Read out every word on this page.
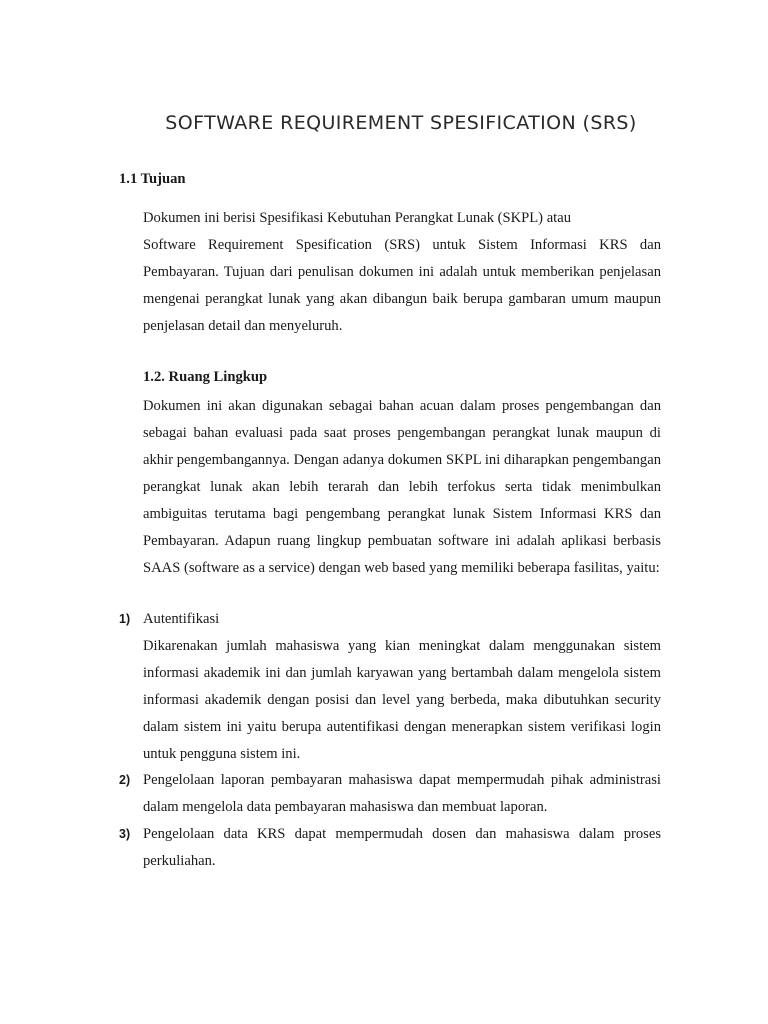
SOFTWARE REQUIREMENT SPESIFICATION (SRS)
1.1 Tujuan

Dokumen ini berisi Spesifikasi Kebutuhan Perangkat Lunak (SKPL) atau

Software Requirement Spesification (SRS) untuk Sistem Informasi KRS dan Pembayaran. Tujuan dari penulisan dokumen ini adalah untuk memberikan penjelasan mengenai perangkat lunak yang akan dibangun baik berupa gambaran umum maupun penjelasan detail dan menyeluruh.

1.2. Ruang Lingkup

Dokumen ini akan digunakan sebagai bahan acuan dalam proses pengembangan dan sebagai bahan evaluasi pada saat proses pengembangan perangkat lunak maupun di akhir pengembangannya. Dengan adanya dokumen SKPL ini diharapkan pengembangan perangkat lunak akan lebih terarah dan lebih terfokus serta tidak menimbulkan ambiguitas terutama bagi pengembang perangkat lunak Sistem Informasi KRS dan Pembayaran. Adapun ruang lingkup pembuatan software ini adalah aplikasi berbasis SAAS (software as a service) dengan web based yang memiliki beberapa fasilitas, yaitu:

1) Autentifikasi

Dikarenakan jumlah mahasiswa yang kian meningkat dalam menggunakan sistem informasi akademik ini dan jumlah karyawan yang bertambah dalam mengelola sistem informasi akademik dengan posisi dan level yang berbeda, maka dibutuhkan security dalam sistem ini yaitu berupa autentifikasi dengan menerapkan sistem verifikasi login untuk pengguna sistem ini.

2) Pengelolaan laporan pembayaran mahasiswa dapat mempermudah pihak administrasi dalam mengelola data pembayaran mahasiswa dan membuat laporan.
3) Pengelolaan data KRS dapat mempermudah dosen dan mahasiswa dalam proses perkuliahan.
